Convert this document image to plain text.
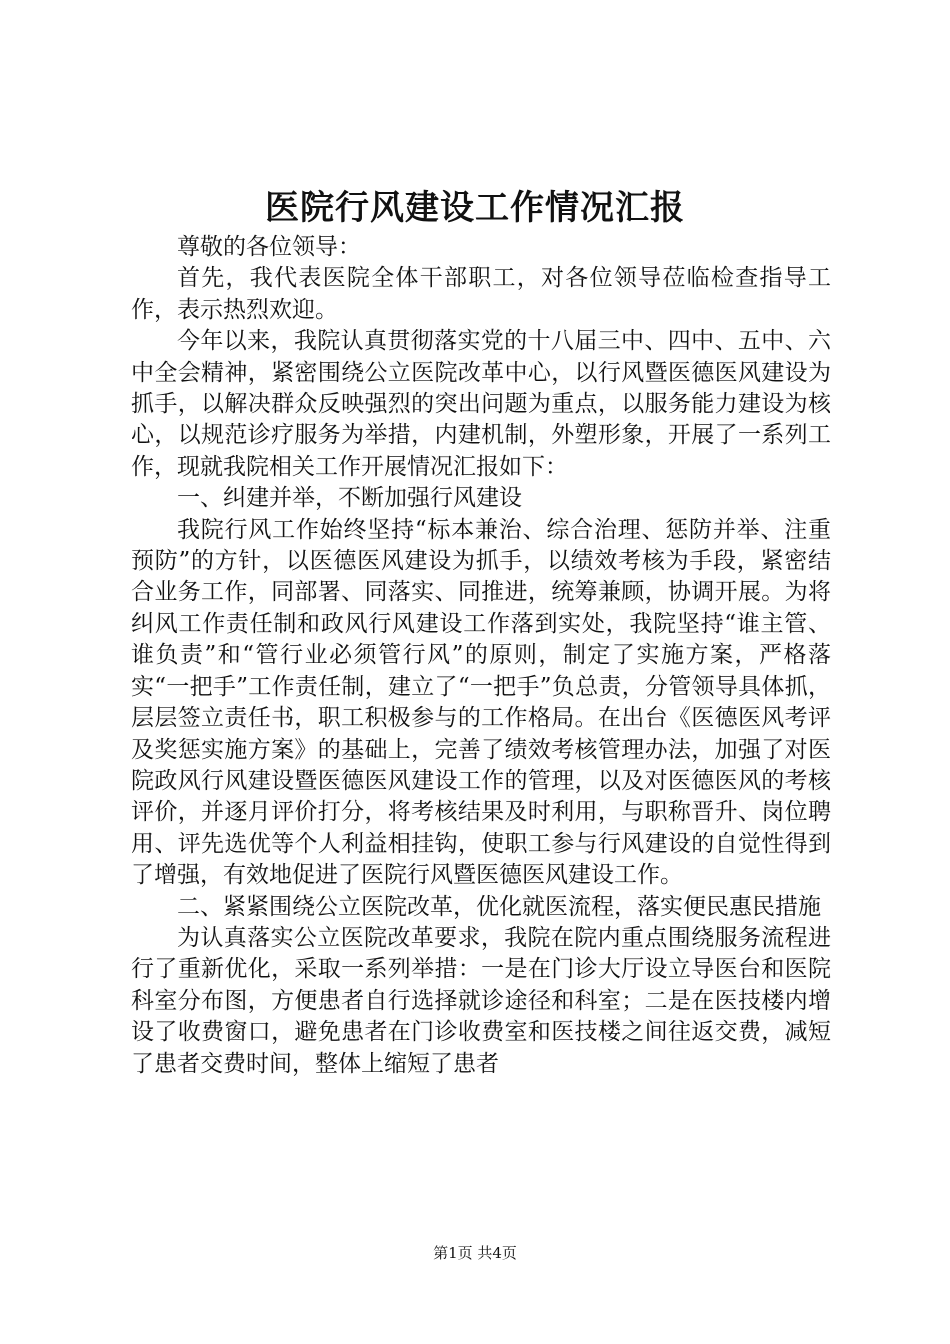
医院行风建设工作情况汇报

尊敬的各位领导：

首先，我代表医院全体干部职工，对各位领导莅临检查指导工作，表示热烈欢迎。

今年以来，我院认真贯彻落实党的十八届三中、四中、五中、六中全会精神，紧密围绕公立医院改革中心，以行风暨医德医风建设为抓手，以解决群众反映强烈的突出问题为重点，以服务能力建设为核心，以规范诊疗服务为举措，内建机制，外塑形象，开展了一系列工作，现就我院相关工作开展情况汇报如下：

一、纠建并举，不断加强行风建设

我院行风工作始终坚持“标本兼治、综合治理、惩防并举、注重预防”的方针，以医德医风建设为抓手，以绩效考核为手段，紧密结合业务工作，同部署、同落实、同推进，统筹兼顾，协调开展。为将纠风工作责任制和政风行风建设工作落到实处，我院坚持“谁主管、谁负责”和“管行业必须管行风”的原则，制定了实施方案，严格落实“一把手”工作责任制，建立了“一把手”负总责，分管领导具体抓，层层签立责任书，职工积极参与的工作格局。在出台《医德医风考评及奖惩实施方案》的基础上，完善了绩效考核管理办法，加强了对医院政风行风建设暨医德医风建设工作的管理，以及对医德医风的考核评价，并逐月评价打分，将考核结果及时利用，与职称晋升、岗位聘用、评先选优等个人利益相挂钩，使职工参与行风建设的自觉性得到了增强，有效地促进了医院行风暨医德医风建设工作。

二、紧紧围绕公立医院改革，优化就医流程，落实便民惠民措施

为认真落实公立医院改革要求，我院在院内重点围绕服务流程进行了重新优化，采取一系列举措：一是在门诊大厅设立导医台和医院科室分布图，方便患者自行选择就诊途径和科室；二是在医技楼内增设了收费窗口，避免患者在门诊收费室和医技楼之间往返交费，减短了患者交费时间，整体上缩短了患者

第1页 共4页
